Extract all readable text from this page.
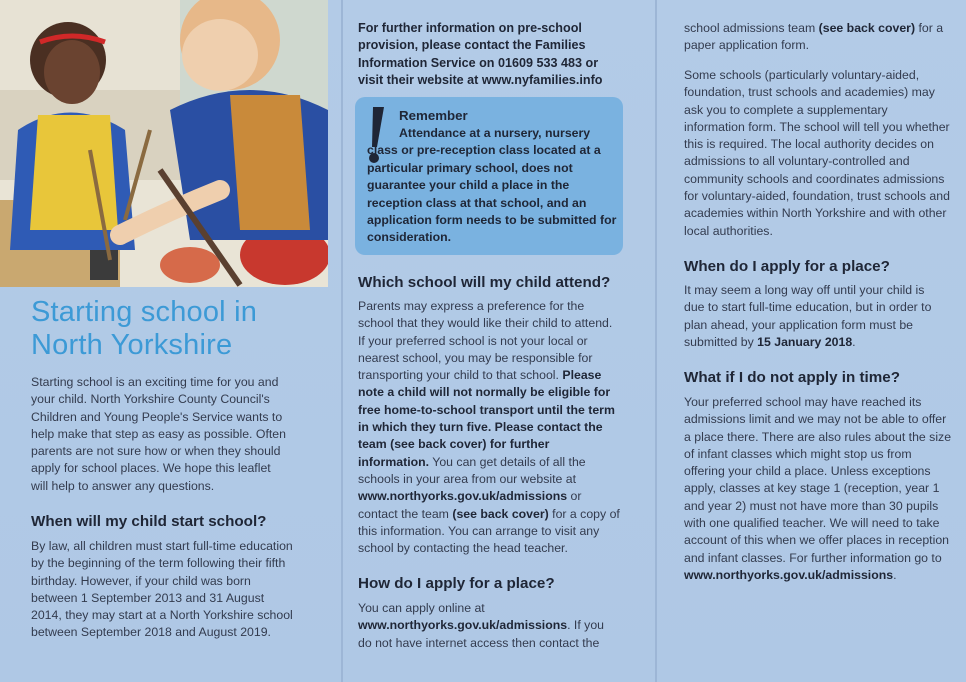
Starting school in
North Yorkshire

Starting school is an exciting time for you and your child. North Yorkshire County Council's Children and Young People's Service wants to help make that step as easy as possible. Often parents are not sure how or when they should apply for school places. We hope this leaflet will help to answer any questions.

When will my child start school?

By law, all children must start full-time education by the beginning of the term following their fifth birthday. However, if your child was born between 1 September 2013 and 31 August 2014, they may start at a North Yorkshire school between September 2018 and August 2019.

For further information on pre-school provision, please contact the Families Information Service on 01609 533 483 or visit their website at www.nyfamilies.info

Remember

Attendance at a nursery, nursery class or pre-reception class located at a particular primary school, does not guarantee your child a place in the reception class at that school, and an application form needs to be submitted for consideration.

Which school will my child attend?

Parents may express a preference for the school that they would like their child to attend. If your preferred school is not your local or nearest school, you may be responsible for transporting your child to that school. Please note a child will not normally be eligible for free home-to-school transport until the term in which they turn five. Please contact the team (see back cover) for further information. You can get details of all the schools in your area from our website at www.northyorks.gov.uk/admissions or contact the team (see back cover) for a copy of this information. You can arrange to visit any school by contacting the head teacher.

How do I apply for a place?

You can apply online at www.northyorks.gov.uk/admissions. If you do not have internet access then contact the

school admissions team (see back cover) for a paper application form.

Some schools (particularly voluntary-aided, foundation, trust schools and academies) may ask you to complete a supplementary information form. The school will tell you whether this is required. The local authority decides on admissions to all voluntary-controlled and community schools and coordinates admissions for voluntary-aided, foundation, trust schools and academies within North Yorkshire and with other local authorities.

When do I apply for a place?

It may seem a long way off until your child is due to start full-time education, but in order to plan ahead, your application form must be submitted by 15 January 2018.

What if I do not apply in time?

Your preferred school may have reached its admissions limit and we may not be able to offer a place there. There are also rules about the size of infant classes which might stop us from offering your child a place. Unless exceptions apply, classes at key stage 1 (reception, year 1 and year 2) must not have more than 30 pupils with one qualified teacher. We will need to take account of this when we offer places in reception and infant classes. For further information go to www.northyorks.gov.uk/admissions.
